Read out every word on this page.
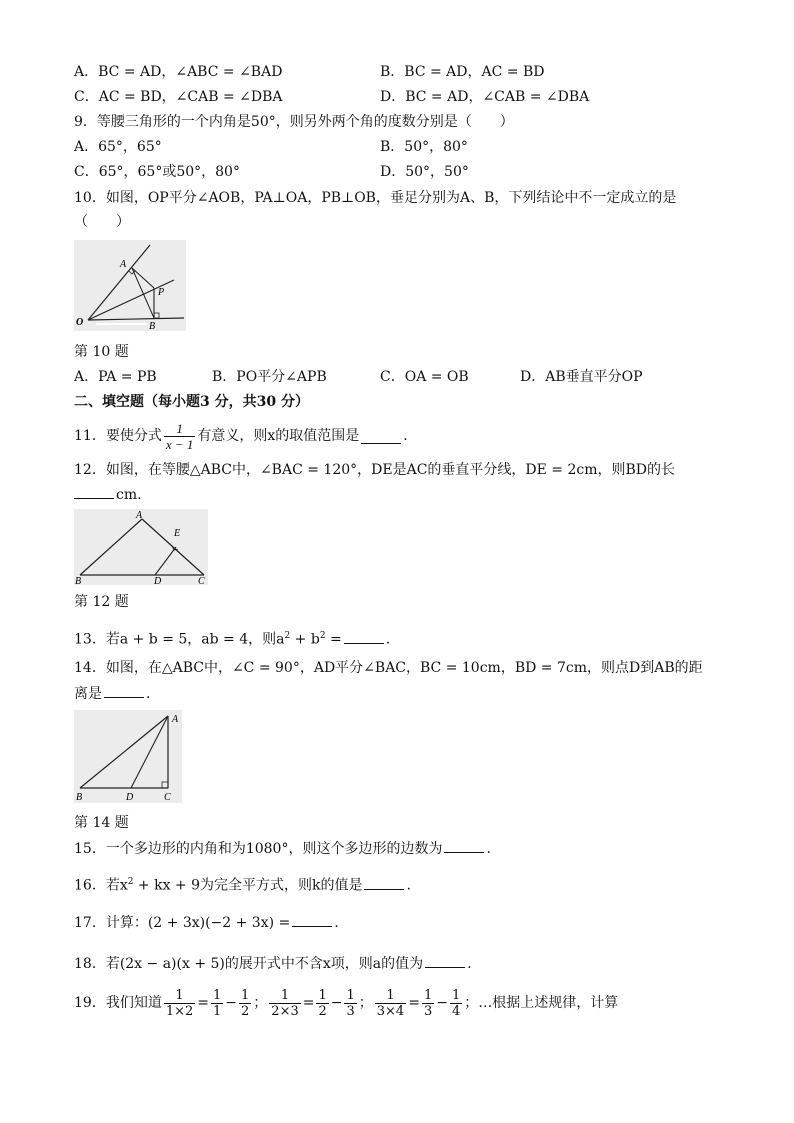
A．BC = AD，∠ABC = ∠BAD	B．BC = AD，AC = BD
C．AC = BD，∠CAB = ∠DBA	D．BC = AD，∠CAB = ∠DBA
9．等腰三角形的一个内角是50°，则另外两个角的度数分别是（　　）
A．65°，65°	B．50°，80°
C．65°，65°或50°，80°	D．50°，50°
10．如图，OP平分∠AOB，PA⊥OA，PB⊥OB，垂足分别为A、B，下列结论中不一定成立的是
（　　）
A
P
O	B
第 10 题
A．PA = PB	B．PO平分∠APB	C．OA = OB	D．AB垂直平分OP
二、填空题（每小题3 分，共30 分）
11．要使分式 $\frac{1}{x - 1}$ 有意义，则x的取值范围是	.
12．如图，在等腰△ABC中，∠BAC = 120°，DE是AC的垂直平分线，DE = 2cm，则BD的长
cm.
A
E
B	D	C
第 12 题
13．若a + b = 5，ab = 4，则$a^2 + b^2$ =	.
14．如图，在△ABC中，∠C = 90°，AD平分∠BAC，BC = 10cm，BD = 7cm，则点D到AB的距
离是	.
A
B	D	C
第 14 题
15．一个多边形的内角和为1080°，则这个多边形的边数为	.
16．若$x^2$ + kx + 9为完全平方式，则k的值是	.
17．计算：(2 + 3x)(−2 + 3x) =	.
18．若(2x − a)(x + 5)的展开式中不含x项，则a的值为	.
19．我们知道 $\frac{1}{1\times 2} = \frac{1}{1} - \frac{1}{2}$ ； $\frac{1}{2\times 3} = \frac{1}{2} - \frac{1}{3}$ ； $\frac{1}{3\times 4} = \frac{1}{3} - \frac{1}{4}$ ；…根据上述规律，计算
